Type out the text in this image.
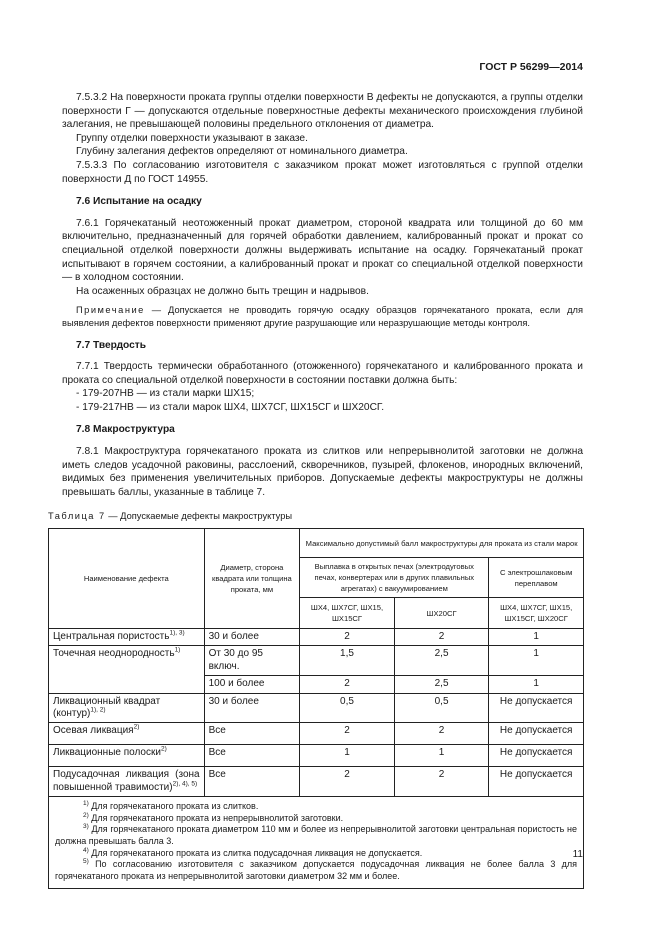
ГОСТ Р 56299—2014

7.5.3.2 На поверхности проката группы отделки поверхности В дефекты не допускаются, а группы отделки поверхности Г — допускаются отдельные поверхностные дефекты механического происхождения глубиной залегания, не превышающей половины предельного отклонения от диаметра.

Группу отделки поверхности указывают в заказе.

Глубину залегания дефектов определяют от номинального диаметра.

7.5.3.3 По согласованию изготовителя с заказчиком прокат может изготовляться с группой отделки поверхности Д по ГОСТ 14955.

7.6 Испытание на осадку

7.6.1 Горячекатаный неотожженный прокат диаметром, стороной квадрата или толщиной до 60 мм включительно, предназначенный для горячей обработки давлением, калиброванный прокат и прокат со специальной отделкой поверхности должны выдерживать испытание на осадку. Горячекатаный прокат испытывают в горячем состоянии, а калиброванный прокат и прокат со специальной отделкой поверхности — в холодном состоянии.

На осаженных образцах не должно быть трещин и надрывов.

Примечание — Допускается не проводить горячую осадку образцов горячекатаного проката, если для выявления дефектов поверхности применяют другие разрушающие или неразрушающие методы контроля.

7.7 Твердость

7.7.1 Твердость термически обработанного (отожженного) горячекатаного и калиброванного проката и проката со специальной отделкой поверхности в состоянии поставки должна быть:

- 179-207НВ — из стали марки ШХ15;

- 179-217НВ — из стали марок ШХ4, ШХ7СГ, ШХ15СГ и ШХ20СГ.

7.8 Макроструктура

7.8.1 Макроструктура горячекатаного проката из слитков или непрерывнолитой заготовки не должна иметь следов усадочной раковины, расслоений, скворечников, пузырей, флокенов, инородных включений, видимых без применения увеличительных приборов. Допускаемые дефекты макроструктуры не должны превышать баллы, указанные в таблице 7.

Таблица 7 — Допускаемые дефекты макроструктуры
Наименование дефекта	Диаметр, сторона квадрата или толщина проката, мм	Максимально допустимый балл макроструктуры для проката из стали марок		
		Выплавка в открытых печах (электродуговых печах, конвертерах или в других плавильных агрегатах) с вакуумированием		С электрошлаковым переплавом
		ШХ4, ШХ7СГ, ШХ15, ШХ15СГ	ШХ20СГ	ШХ4, ШХ7СГ, ШХ15, ШХ15СГ, ШХ20СГ
Центральная пористость$^{1), 3)}$	30 и более	2	2	1
Точечная неоднородность$^{1)}$	От 30 до 95 включ.	1,5	2,5	1
	100 и более	2	2,5	1
Ликвационный квадрат (контур)$^{1), 2)}$	30 и более	0,5	0,5	Не допускается
Осевая ликвация$^{2)}$	Все	2	2	Не допускается
Ликвационные полоски$^{2)}$	Все	1	1	Не допускается
Подусадочная ликвация (зона повышенной травимости)$^{2), 4), 5)}$	Все	2	2	Не допускается

$^{1)}$ Для горячекатаного проката из слитков.

$^{2)}$ Для горячекатаного проката из непрерывнолитой заготовки.

$^{3)}$ Для горячекатаного проката диаметром 110 мм и более из непрерывнолитой заготовки центральная пористость не должна превышать балла 3.

$^{4)}$ Для горячекатаного проката из слитка подусадочная ликвация не допускается.

$^{5)}$ По согласованию изготовителя с заказчиком допускается подусадочная ликвация не более балла 3 для горячекатаного проката из непрерывнолитой заготовки диаметром 32 мм и более.				

11
